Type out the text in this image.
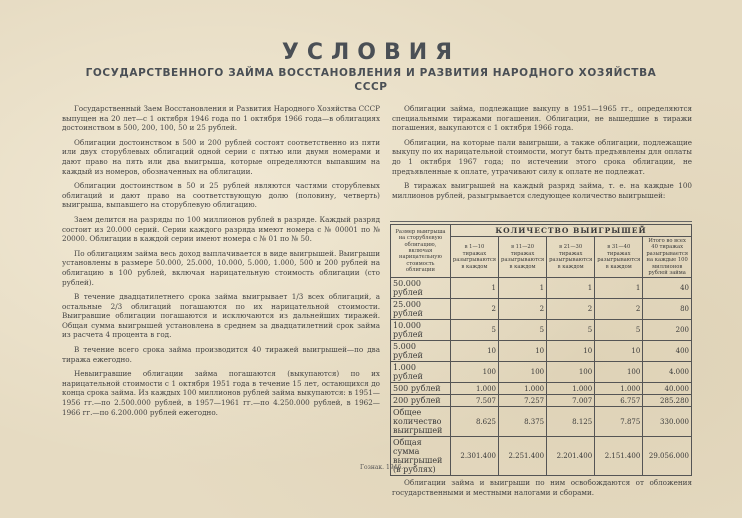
УСЛОВИЯ
ГОСУДАРСТВЕННОГО ЗАЙМА ВОССТАНОВЛЕНИЯ И РАЗВИТИЯ НАРОДНОГО ХОЗЯЙСТВА СССР

Государственный Заем Восстановления и Развития Народного Хозяйства СССР выпущен на 20 лет—с 1 октября 1946 года по 1 октября 1966 года—в облигациях достоинством в 500, 200, 100, 50 и 25 рублей.

Облигации достоинством в 500 и 200 рублей состоят соответственно из пяти или двух сторублевых облигаций одной серии с пятью или двумя номерами и дают право на пять или два выигрыша, которые определяются выпавшим на каждый из номеров, обозначенных на облигации.

Облигации достоинством в 50 и 25 рублей являются частями сторублевых облигаций и дают право на соответствующую долю (половину, четверть) выигрыша, выпавшего на сторублевую облигацию.

Заем делится на разряды по 100 миллионов рублей в разряде. Каждый разряд состоит из 20.000 серий. Серии каждого разряда имеют номера с № 00001 по № 20000. Облигации в каждой серии имеют номера с № 01 по № 50.

По облигациям займа весь доход выплачивается в виде выигрышей. Выигрыши установлены в размере 50.000, 25.000, 10.000, 5.000, 1.000, 500 и 200 рублей на облигацию в 100 рублей, включая нарицательную стоимость облигации (сто рублей).

В течение двадцатилетнего срока займа выигрывает 1/3 всех облигаций, а остальные 2/3 облигаций погашаются по их нарицательной стоимости. Выигравшие облигации погашаются и исключаются из дальнейших тиражей. Общая сумма выигрышей установлена в среднем за двадцатилетний срок займа из расчета 4 процента в год.

В течение всего срока займа производится 40 тиражей выигрышей—по два тиража ежегодно.

Невыигравшие облигации займа погашаются (выкупаются) по их нарицательной стоимости с 1 октября 1951 года в течение 15 лет, остающихся до конца срока займа. Из каждых 100 миллионов рублей займа выкупаются: в 1951—1956 гг.—по 2.500.000 рублей, в 1957—1961 гг.—по 4.250.000 рублей, в 1962—1966 гг.—по 6.200.000 рублей ежегодно.

Облигации займа, подлежащие выкупу в 1951—1965 гг., определяются специальными тиражами погашения. Облигации, не вышедшие в тиражи погашения, выкупаются с 1 октября 1966 года.

Облигации, на которые пали выигрыши, а также облигации, подлежащие выкупу по их нарицательной стоимости, могут быть предъявлены для оплаты до 1 октября 1967 года; по истечении этого срока облигации, не предъявленные к оплате, утрачивают силу к оплате не подлежат.

В тиражах выигрышей на каждый разряд займа, т. е. на каждые 100 миллионов рублей, разыгрывается следующее количество выигрышей:

Размер выигрыша на сторублевую облигацию, включая нарицательную стоимость облигации	КОЛИЧЕСТВО ВЫИГРЫШЕЙ				
	в 1—10 тиражах разыгрываются в каждом	в 11—20 тиражах разыгрываются в каждом	в 21—30 тиражах разыгрываются в каждом	в 31—40 тиражах разыгрываются в каждом	Итого во всех 40 тиражах разыгрывается на каждые 100 миллионов рублей займа
50.000 рублей	1	1	1	1	40
25.000 рублей	2	2	2	2	80
10.000 рублей	5	5	5	5	200
5.000 рублей	10	10	10	10	400
1.000 рублей	100	100	100	100	4.000
500 рублей	1.000	1.000	1.000	1.000	40.000
200 рублей	7.507	7.257	7.007	6.757	285.280
Общее количество выигрышей	8.625	8.375	8.125	7.875	330.000
Общая сумма выигрышей (в рублях)	2.301.400	2.251.400	2.201.400	2.151.400	29.056.000
Гознак. 1946.

Облигации займа и выигрыши по ним освобождаются от обложения государственными и местными налогами и сборами.
